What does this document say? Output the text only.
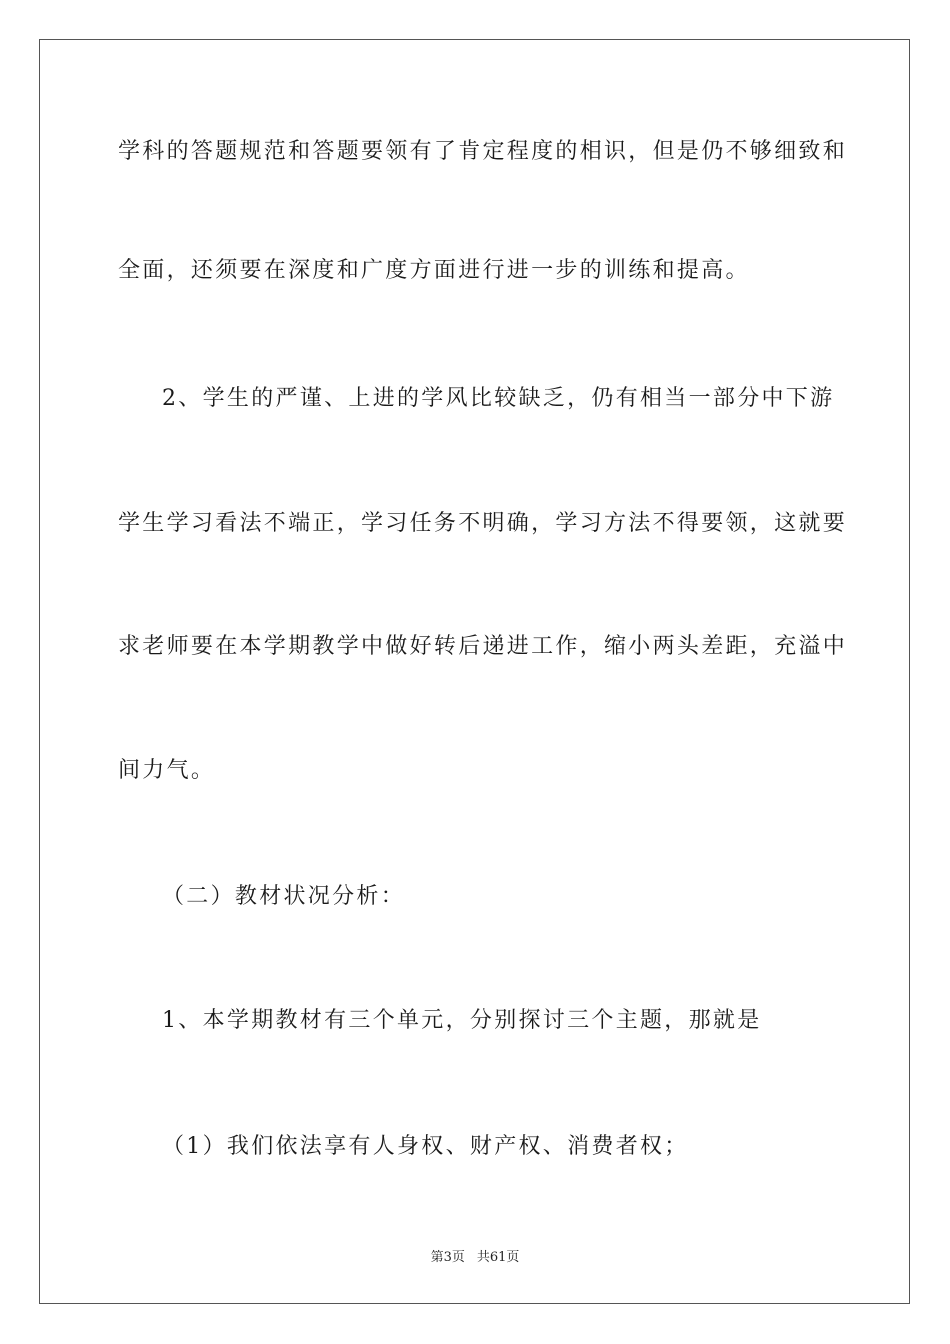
学科的答题规范和答题要领有了肯定程度的相识，但是仍不够细致和
全面，还须要在深度和广度方面进行进一步的训练和提高。
2、学生的严谨、上进的学风比较缺乏，仍有相当一部分中下游
学生学习看法不端正，学习任务不明确，学习方法不得要领，这就要
求老师要在本学期教学中做好转后递进工作，缩小两头差距，充溢中
间力气。
（二）教材状况分析：
1、本学期教材有三个单元，分别探讨三个主题，那就是
（1）我们依法享有人身权、财产权、消费者权；
第3页 共61页
